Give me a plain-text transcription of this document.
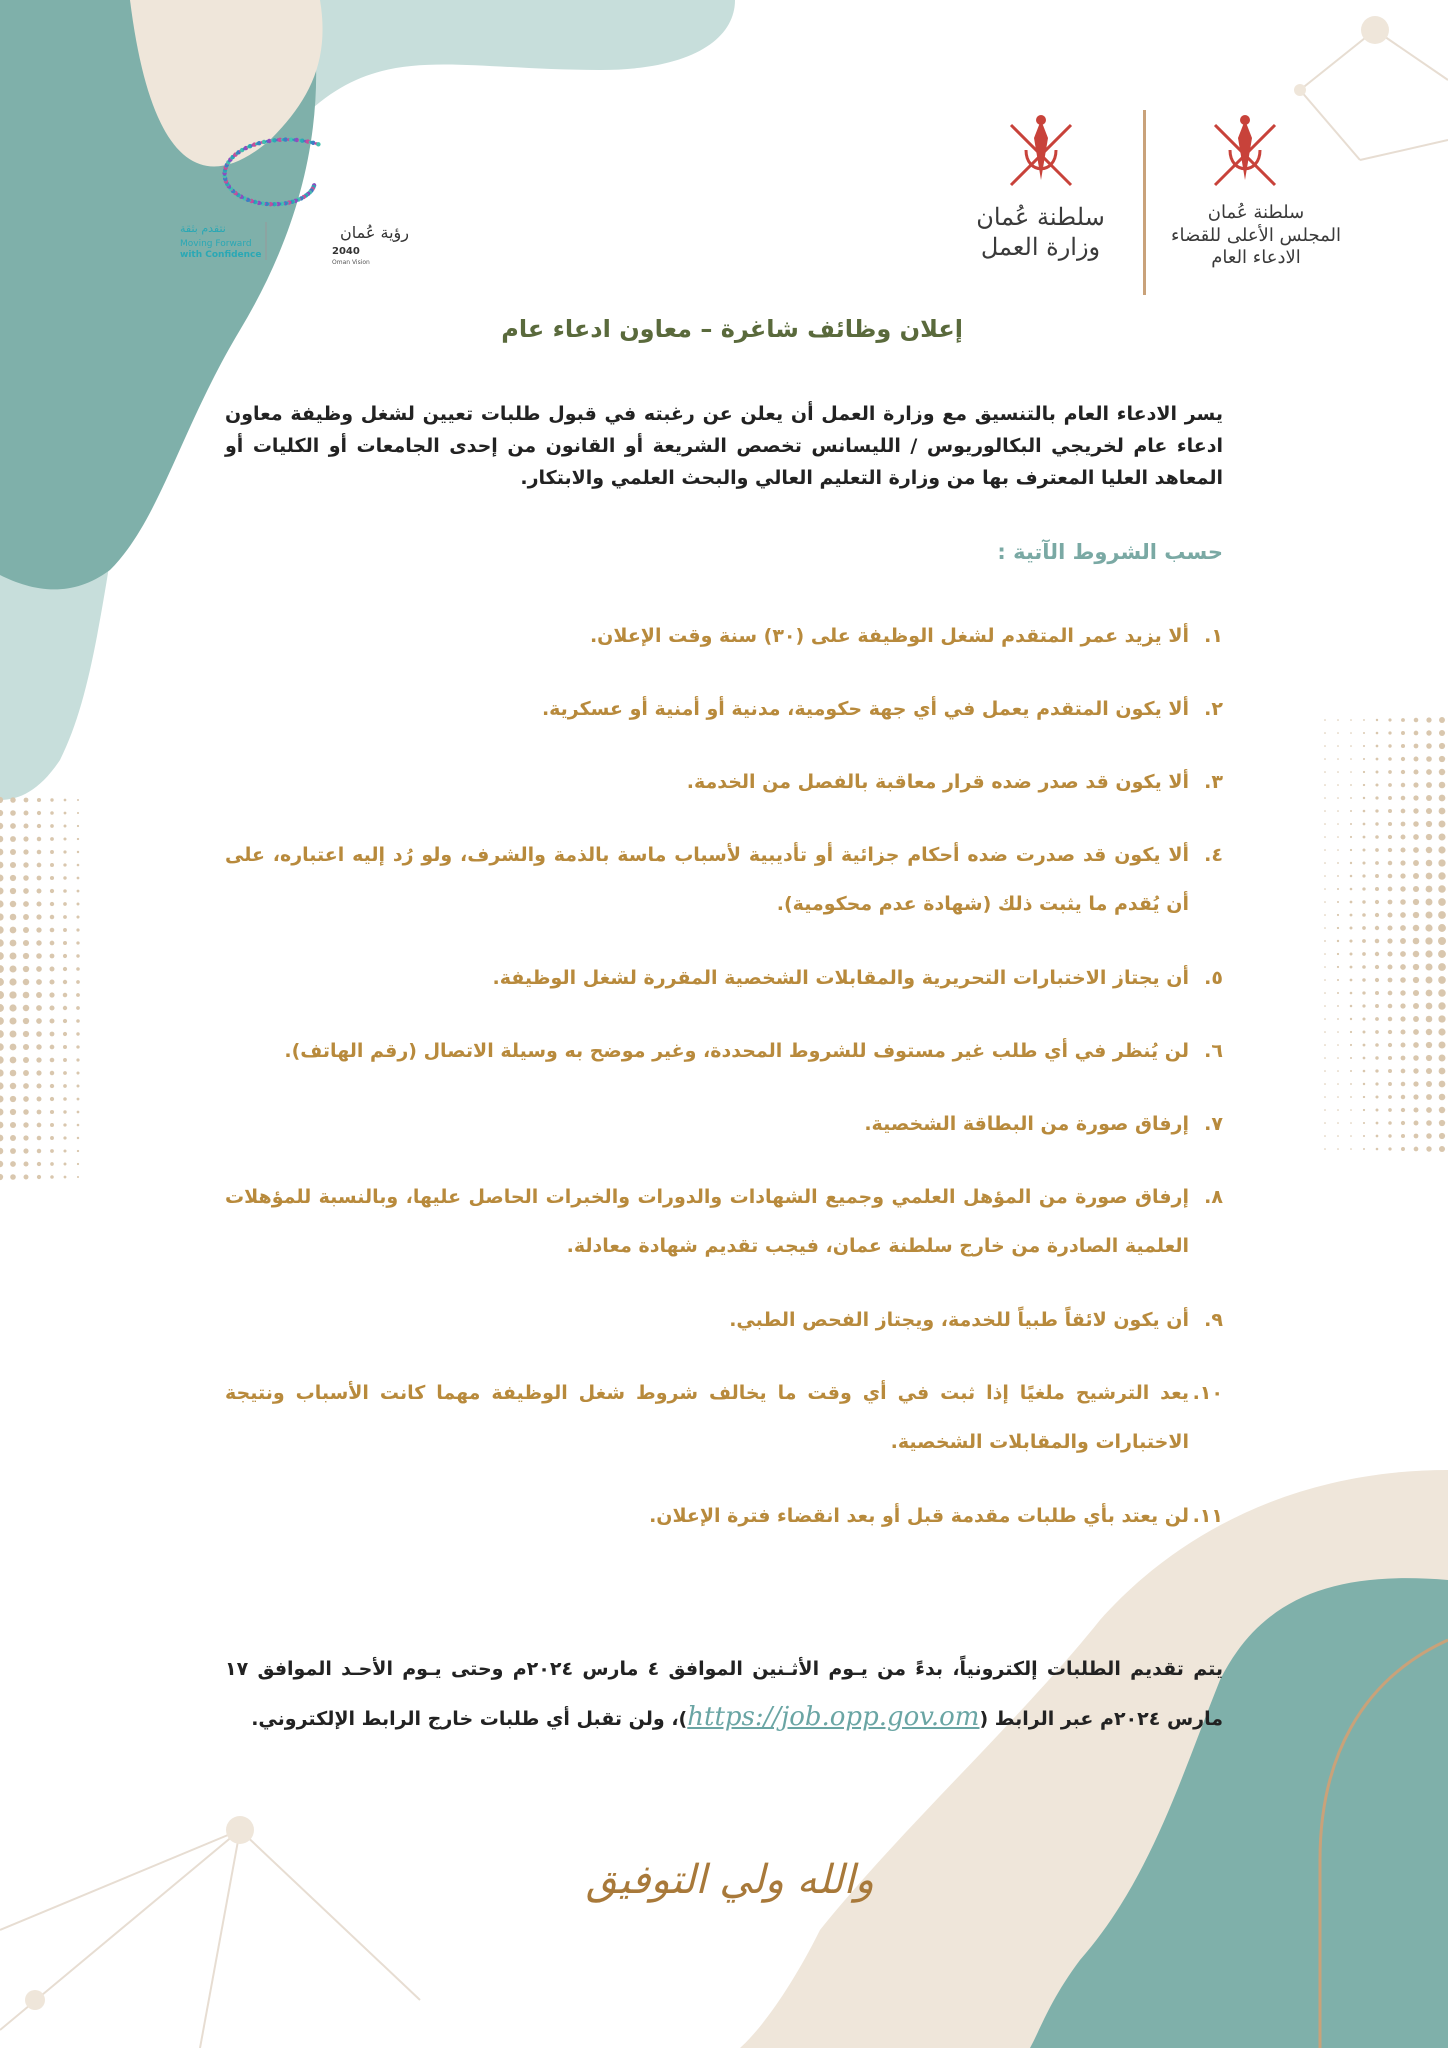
نتقدم بثقة
Moving Forward
with Confidence
رؤية عُمان
2040
Oman Vision
سلطنة عُمان
وزارة العمل
سلطنة عُمان
المجلس الأعلى للقضاء
الادعاء العام
إعلان وظائف شاغرة – معاون ادعاء عام
يسر الادعاء العام بالتنسيق مع وزارة العمل أن يعلن عن رغبته في قبول طلبات تعيين لشغل وظيفة معاون ادعاء عام لخريجي البكالوريوس / الليسانس تخصص الشريعة أو القانون من إحدى الجامعات أو الكليات أو المعاهد العليا المعترف بها من وزارة التعليم العالي والبحث العلمي والابتكار.
حسب الشروط الآتية :
١.
ألا يزيد عمر المتقدم لشغل الوظيفة على (٣٠) سنة وقت الإعلان.
٢.
ألا يكون المتقدم يعمل في أي جهة حكومية، مدنية أو أمنية أو عسكرية.
٣.
ألا يكون قد صدر ضده قرار معاقبة بالفصل من الخدمة.
٤.
ألا يكون قد صدرت ضده أحكام جزائية أو تأديبية لأسباب ماسة بالذمة والشرف، ولو رُد إليه اعتباره، على أن يُقدم ما يثبت ذلك (شهادة عدم محكومية).
٥.
أن يجتاز الاختبارات التحريرية والمقابلات الشخصية المقررة لشغل الوظيفة.
٦.
لن يُنظر في أي طلب غير مستوف للشروط المحددة، وغير موضح به وسيلة الاتصال (رقم الهاتف).
٧.
إرفاق صورة من البطاقة الشخصية.
٨.
إرفاق صورة من المؤهل العلمي وجميع الشهادات والدورات والخبرات الحاصل عليها، وبالنسبة للمؤهلات العلمية الصادرة من خارج سلطنة عمان، فيجب تقديم شهادة معادلة.
٩.
أن يكون لائقاً طبياً للخدمة، ويجتاز الفحص الطبي.
١٠.
يعد الترشيح ملغيًا إذا ثبت في أي وقت ما يخالف شروط شغل الوظيفة مهما كانت الأسباب ونتيجة الاختبارات والمقابلات الشخصية.
١١.
لن يعتد بأي طلبات مقدمة قبل أو بعد انقضاء فترة الإعلان.
يتم تقديم الطلبات إلكترونياً، بدءً من يـوم الأثـنين الموافق ٤ مارس ٢٠٢٤م وحتى يـوم الأحـد الموافق ١٧ مارس ٢٠٢٤م عبر الرابط (https://job.opp.gov.om)، ولن تقبل أي طلبات خارج الرابط الإلكتروني.
والله ولي التوفيق
